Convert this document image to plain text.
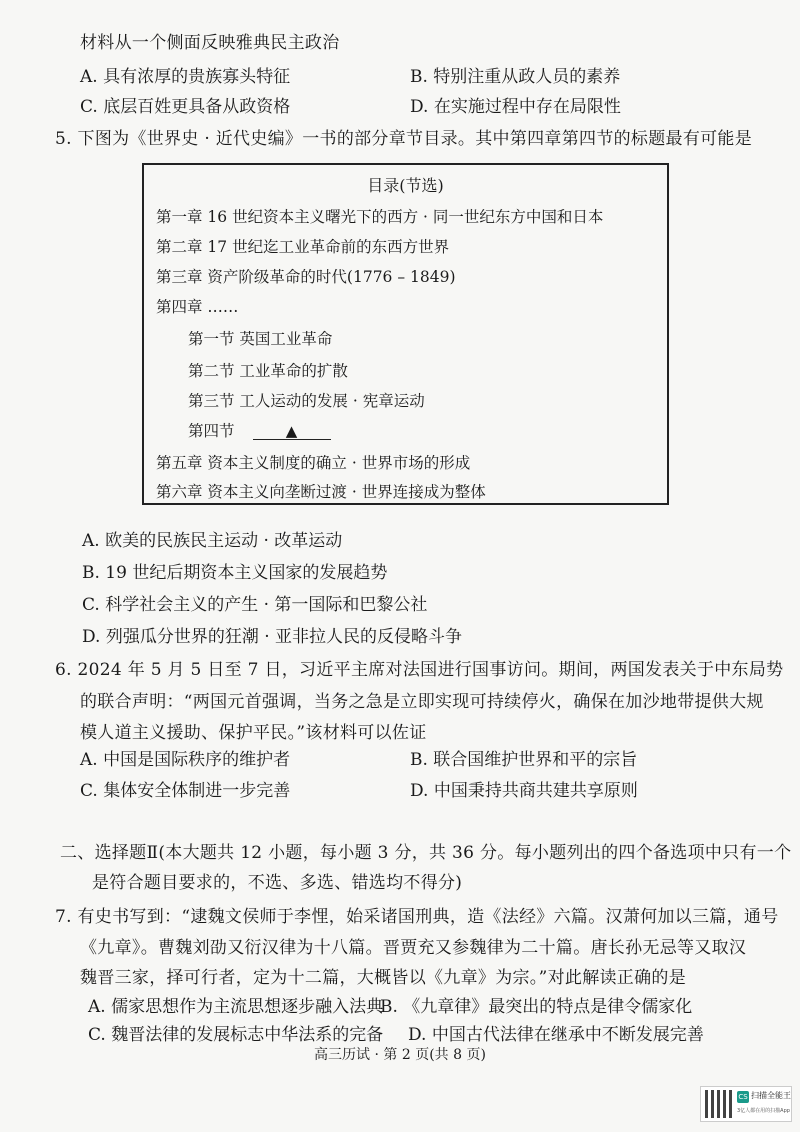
材料从一个侧面反映雅典民主政治
A. 具有浓厚的贵族寡头特征	B. 特别注重从政人员的素养
C. 底层百姓更具备从政资格	D. 在实施过程中存在局限性
5. 下图为《世界史 · 近代史编》一书的部分章节目录。其中第四章第四节的标题最有可能是
目录(节选)
第一章 16 世纪资本主义曙光下的西方 · 同一世纪东方中国和日本
第二章 17 世纪迄工业革命前的东西方世界
第三章 资产阶级革命的时代(1776 – 1849)
第四章 ……
第一节 英国工业革命
第二节 工业革命的扩散
第三节 工人运动的发展 · 宪章运动
第四节	▲
第五章 资本主义制度的确立 · 世界市场的形成
第六章 资本主义向垄断过渡 · 世界连接成为整体
A. 欧美的民族民主运动 · 改革运动
B. 19 世纪后期资本主义国家的发展趋势
C. 科学社会主义的产生 · 第一国际和巴黎公社
D. 列强瓜分世界的狂潮 · 亚非拉人民的反侵略斗争
6. 2024 年 5 月 5 日至 7 日，习近平主席对法国进行国事访问。期间，两国发表关于中东局势
的联合声明：“两国元首强调，当务之急是立即实现可持续停火，确保在加沙地带提供大规
模人道主义援助、保护平民。”该材料可以佐证
A. 中国是国际秩序的维护者	B. 联合国维护世界和平的宗旨
C. 集体安全体制进一步完善	D. 中国秉持共商共建共享原则
二、选择题Ⅱ(本大题共 12 小题，每小题 3 分，共 36 分。每小题列出的四个备选项中只有一个
是符合题目要求的，不选、多选、错选均不得分)
7. 有史书写到：“逮魏文侯师于李悝，始采诸国刑典，造《法经》六篇。汉萧何加以三篇，通号
《九章》。曹魏刘劭又衍汉律为十八篇。晋贾充又参魏律为二十篇。唐长孙无忌等又取汉
魏晋三家，择可行者，定为十二篇，大概皆以《九章》为宗。”对此解读正确的是
A. 儒家思想作为主流思想逐步融入法典
B. 《九章律》最突出的特点是律令儒家化
C. 魏晋法律的发展标志中华法系的完备 D. 中国古代法律在继承中不断发展完善
高三历试 · 第 2 页(共 8 页)
CS 扫描全能王
3亿人都在用的扫描App
